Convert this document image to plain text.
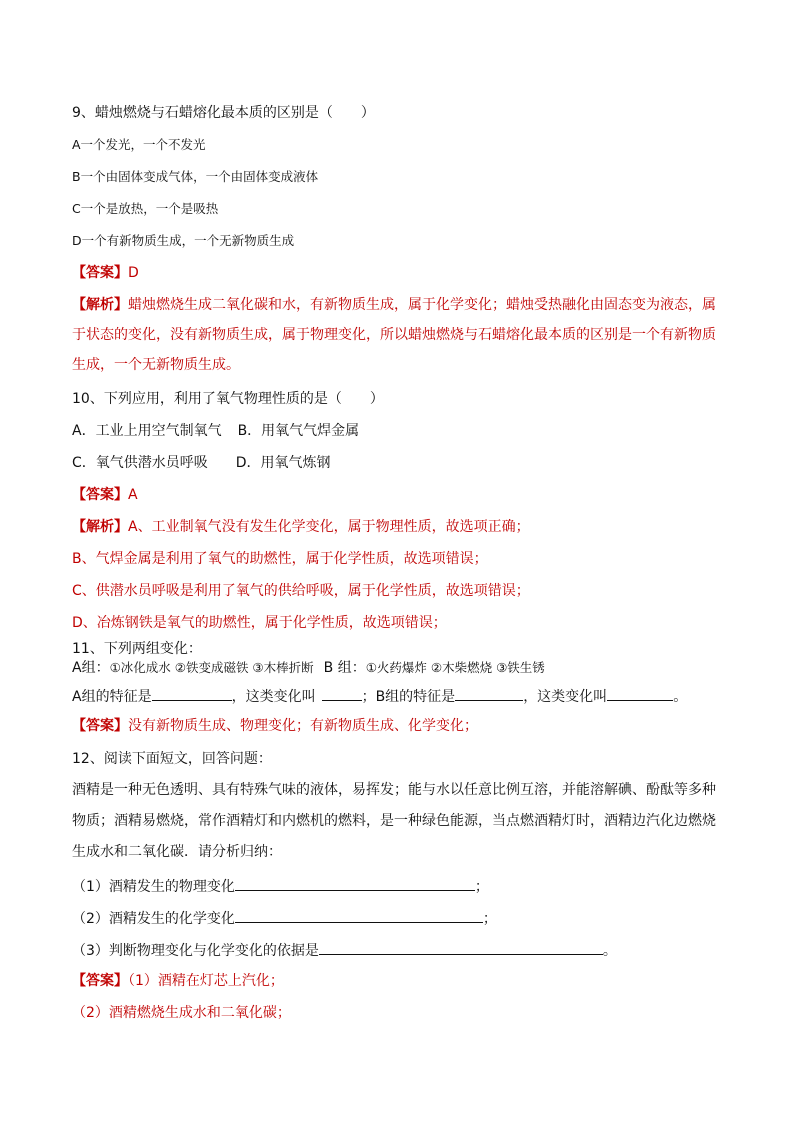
9、蜡烛燃烧与石蜡熔化最本质的区别是（　　）
A一个发光，一个不发光
B一个由固体变成气体，一个由固体变成液体
C一个是放热，一个是吸热
D一个有新物质生成，一个无新物质生成
【答案】D
【解析】蜡烛燃烧生成二氧化碳和水，有新物质生成，属于化学变化；蜡烛受热融化由固态变为液态，属
于状态的变化，没有新物质生成，属于物理变化，所以蜡烛燃烧与石蜡熔化最本质的区别是一个有新物质
生成，一个无新物质生成。
10、下列应用，利用了氧气物理性质的是（　　）
A．工业上用空气制氧气 B．用氧气气焊金属
C．氧气供潜水员呼吸 D．用氧气炼钢
【答案】A
【解析】A、工业制氧气没有发生化学变化，属于物理性质，故选项正确；
B、气焊金属是利用了氧气的助燃性，属于化学性质，故选项错误；
C、供潜水员呼吸是利用了氧气的供给呼吸，属于化学性质，故选项错误；
D、冶炼钢铁是氧气的助燃性，属于化学性质，故选项错误；
11、下列两组变化：
A组：①冰化成水 ②铁变成磁铁 ③木棒折断 B 组：①火药爆炸 ②木柴燃烧 ③铁生锈
A组的特征是	，这类变化叫	；B组的特征是	，这类变化叫	。
【答案】没有新物质生成、物理变化；有新物质生成、化学变化；
12、阅读下面短文，回答问题：
酒精是一种无色透明、具有特殊气味的液体，易挥发；能与水以任意比例互溶，并能溶解碘、酚酞等多种
物质；酒精易燃烧，常作酒精灯和内燃机的燃料，是一种绿色能源，当点燃酒精灯时，酒精边汽化边燃烧
生成水和二氧化碳．请分析归纳：
（1）酒精发生的物理变化	；
（2）酒精发生的化学变化	；
（3）判断物理变化与化学变化的依据是	。
【答案】（1）酒精在灯芯上汽化；
（2）酒精燃烧生成水和二氧化碳；
